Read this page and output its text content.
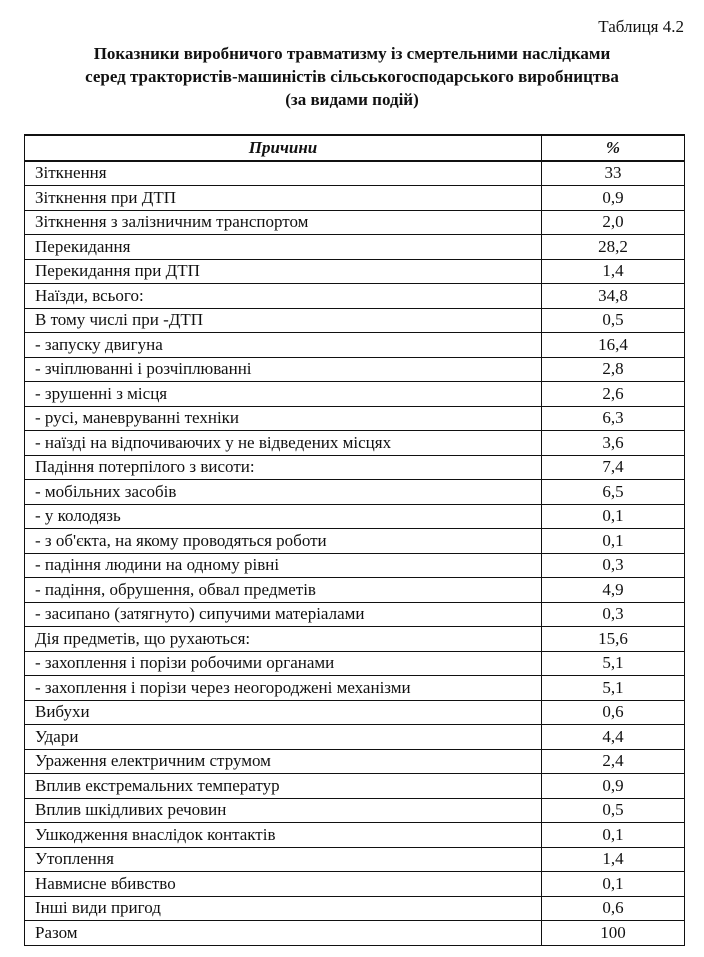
Таблиця 4.2
Показники виробничого травматизму із смертельними наслідками
серед трактористів-машиністів сільськогосподарського виробництва
(за видами подій)
Причини	%
Зіткнення	33
Зіткнення при ДТП	0,9
Зіткнення з залізничним транспортом	2,0
Перекидання	28,2
Перекидання при ДТП	1,4
Наїзди, всього:	34,8
В тому числі при -ДТП	0,5
- запуску двигуна	16,4
- зчіплюванні і розчіплюванні	2,8
- зрушенні з місця	2,6
- русі, маневруванні техніки	6,3
- наїзді на відпочиваючих у не відведених місцях	3,6
Падіння потерпілого з висоти:	7,4
- мобільних засобів	6,5
- у колодязь	0,1
- з об'єкта, на якому проводяться роботи	0,1
- падіння людини на одному рівні	0,3
- падіння, обрушення, обвал предметів	4,9
- засипано (затягнуто) сипучими матеріалами	0,3
Дія предметів, що рухаються:	15,6
- захоплення і порізи робочими органами	5,1
- захоплення і порізи через неогороджені механізми	5,1
Вибухи	0,6
Удари	4,4
Ураження електричним струмом	2,4
Вплив екстремальних температур	0,9
Вплив шкідливих речовин	0,5
Ушкодження внаслідок контактів	0,1
Утоплення	1,4
Навмисне вбивство	0,1
Інші види пригод	0,6
Разом	100
